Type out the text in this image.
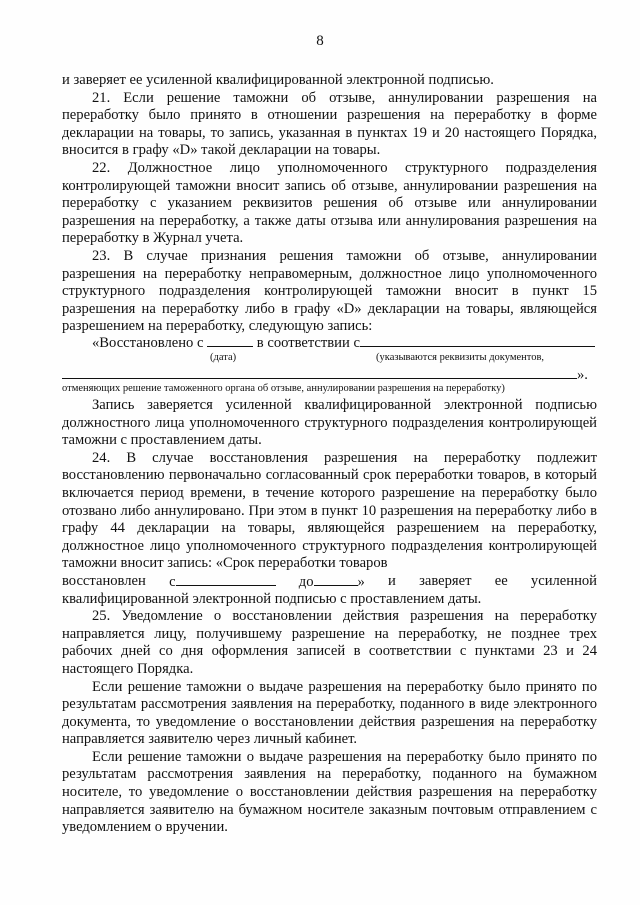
8

и заверяет ее усиленной квалифицированной электронной подписью.

21. Если решение таможни об отзыве, аннулировании разрешения на переработку было принято в отношении разрешения на переработку в форме декларации на товары, то запись, указанная в пунктах 19 и 20 настоящего Порядка, вносится в графу «D» такой декларации на товары.

22. Должностное лицо уполномоченного структурного подразделения контролирующей таможни вносит запись об отзыве, аннулировании разрешения на переработку с указанием реквизитов решения об отзыве или аннулировании разрешения на переработку, а также даты отзыва или аннулирования разрешения на переработку в Журнал учета.

23. В случае признания решения таможни об отзыве, аннулировании разрешения на переработку неправомерным, должностное лицо уполномоченного структурного подразделения контролирующей таможни вносит в пункт 15 разрешения на переработку либо в графу «D» декларации на товары, являющейся разрешением на переработку, следующую запись:

«Восстановлено с	в соответствии с
(дата)	(указываются реквизиты документов,
».
отменяющих решение таможенного органа об отзыве, аннулировании разрешения на переработку)

Запись заверяется усиленной квалифицированной электронной подписью должностного лица уполномоченного структурного подразделения контролирующей таможни с проставлением даты.

24. В случае восстановления разрешения на переработку подлежит восстановлению первоначально согласованный срок переработки товаров, в который включается период времени, в течение которого разрешение на переработку было отозвано либо аннулировано. При этом в пункт 10 разрешения на переработку либо в графу 44 декларации на товары, являющейся разрешением на переработку, должностное лицо уполномоченного структурного подразделения контролирующей таможни вносит запись: «Срок переработки товаров

восстановлен с	до	» и заверяет ее усиленной

квалифицированной электронной подписью с проставлением даты.

25. Уведомление о восстановлении действия разрешения на переработку направляется лицу, получившему разрешение на переработку, не позднее трех рабочих дней со дня оформления записей в соответствии с пунктами 23 и 24 настоящего Порядка.

Если решение таможни о выдаче разрешения на переработку было принято по результатам рассмотрения заявления на переработку, поданного в виде электронного документа, то уведомление о восстановлении действия разрешения на переработку направляется заявителю через личный кабинет.

Если решение таможни о выдаче разрешения на переработку было принято по результатам рассмотрения заявления на переработку, поданного на бумажном носителе, то уведомление о восстановлении действия разрешения на переработку направляется заявителю на бумажном носителе заказным почтовым отправлением с уведомлением о вручении.
